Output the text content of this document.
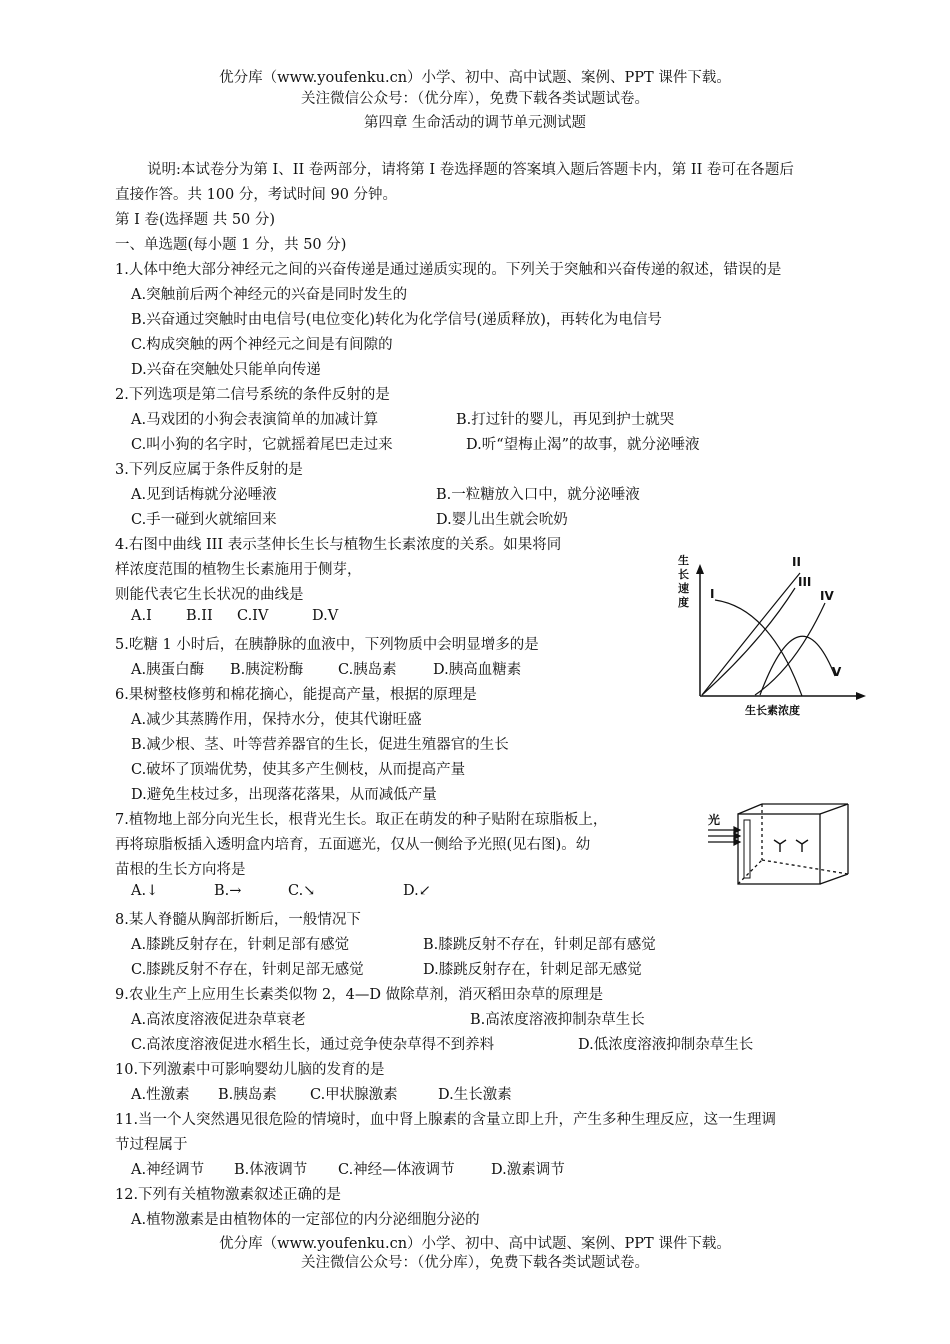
优分库（www.youfenku.cn）小学、初中、高中试题、案例、PPT 课件下载。
关注微信公众号：（优分库），免费下载各类试题试卷。
第四章 生命活动的调节单元测试题
说明:本试卷分为第 I、II 卷两部分，请将第 I 卷选择题的答案填入题后答题卡内，第 II 卷可在各题后
直接作答。共 100 分，考试时间 90 分钟。
第 I 卷(选择题 共 50 分)
一、单选题(每小题 1 分，共 50 分)
1.人体中绝大部分神经元之间的兴奋传递是通过递质实现的。下列关于突触和兴奋传递的叙述，错误的是
A.突触前后两个神经元的兴奋是同时发生的
B.兴奋通过突触时由电信号(电位变化)转化为化学信号(递质释放)，再转化为电信号
C.构成突触的两个神经元之间是有间隙的
D.兴奋在突触处只能单向传递
2.下列选项是第二信号系统的条件反射的是
A.马戏团的小狗会表演简单的加减计算	B.打过针的婴儿，再见到护士就哭
C.叫小狗的名字时，它就摇着尾巴走过来	D.听“望梅止渴”的故事，就分泌唾液
3.下列反应属于条件反射的是
A.见到话梅就分泌唾液	B.一粒糖放入口中，就分泌唾液
C.手一碰到火就缩回来	D.婴儿出生就会吮奶
4.右图中曲线 III 表示茎伸长生长与植物生长素浓度的关系。如果将同
样浓度范围的植物生长素施用于侧芽，
则能代表它生长状况的曲线是
A.I B.II C.IV	D.V
5.吃糖 1 小时后，在胰静脉的血液中，下列物质中会明显增多的是
A.胰蛋白酶 B.胰淀粉酶 C.胰岛素	D.胰高血糖素
6.果树整枝修剪和棉花摘心，能提高产量，根据的原理是
A.减少其蒸腾作用，保持水分，使其代谢旺盛
B.减少根、茎、叶等营养器官的生长，促进生殖器官的生长
C.破坏了顶端优势，使其多产生侧枝，从而提高产量
D.避免生枝过多，出现落花落果，从而减低产量
7.植物地上部分向光生长，根背光生长。取正在萌发的种子贴附在琼脂板上，
再将琼脂板插入透明盒内培育，五面遮光，仅从一侧给予光照(见右图)。幼
苗根的生长方向将是
A.↓	B.→	C.↘	D.↙
8.某人脊髓从胸部折断后，一般情况下
A.膝跳反射存在，针刺足部有感觉	B.膝跳反射不存在，针刺足部有感觉
C.膝跳反射不存在，针刺足部无感觉	D.膝跳反射存在，针刺足部无感觉
9.农业生产上应用生长素类似物 2，4—D 做除草剂，消灭稻田杂草的原理是
A.高浓度溶液促进杂草衰老	B.高浓度溶液抑制杂草生长
C.高浓度溶液促进水稻生长，通过竞争使杂草得不到养料	D.低浓度溶液抑制杂草生长
10.下列激素中可影响婴幼儿脑的发育的是
A.性激素 B.胰岛素 C.甲状腺激素	D.生长激素
11.当一个人突然遇见很危险的情境时，血中肾上腺素的含量立即上升，产生多种生理反应，这一生理调
节过程属于
A.神经调节 B.体液调节 C.神经—体液调节	D.激素调节
12.下列有关植物激素叙述正确的是
A.植物激素是由植物体的一定部位的内分泌细胞分泌的
优分库（www.youfenku.cn）小学、初中、高中试题、案例、PPT 课件下载。
关注微信公众号：（优分库），免费下载各类试题试卷。
生
长
速
度
I
II
III
IV
V
生长素浓度
光
